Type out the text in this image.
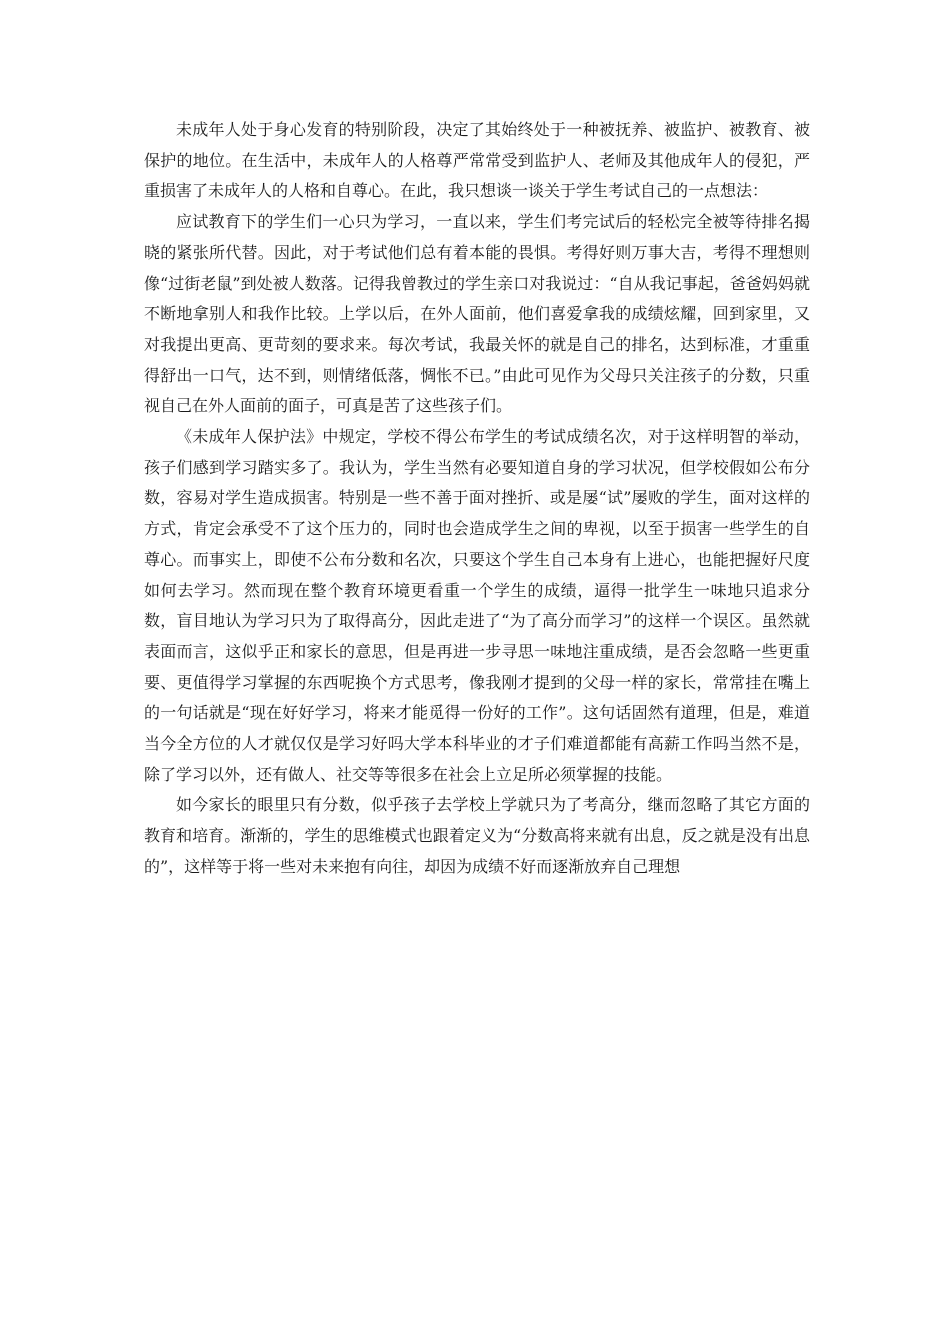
未成年人处于身心发育的特别阶段，决定了其始终处于一种被抚养、被监护、被教育、被保护的地位。在生活中，未成年人的人格尊严常常受到监护人、老师及其他成年人的侵犯，严重损害了未成年人的人格和自尊心。在此，我只想谈一谈关于学生考试自己的一点想法：

应试教育下的学生们一心只为学习，一直以来，学生们考完试后的轻松完全被等待排名揭晓的紧张所代替。因此，对于考试他们总有着本能的畏惧。考得好则万事大吉，考得不理想则像“过街老鼠”到处被人数落。记得我曾教过的学生亲口对我说过：“自从我记事起，爸爸妈妈就不断地拿别人和我作比较。上学以后，在外人面前，他们喜爱拿我的成绩炫耀，回到家里，又对我提出更高、更苛刻的要求来。每次考试，我最关怀的就是自己的排名，达到标准，才重重得舒出一口气，达不到，则情绪低落，惆怅不已。”由此可见作为父母只关注孩子的分数，只重视自己在外人面前的面子，可真是苦了这些孩子们。

《未成年人保护法》中规定，学校不得公布学生的考试成绩名次，对于这样明智的举动，孩子们感到学习踏实多了。我认为，学生当然有必要知道自身的学习状况，但学校假如公布分数，容易对学生造成损害。特别是一些不善于面对挫折、或是屡“试”屡败的学生，面对这样的方式，肯定会承受不了这个压力的，同时也会造成学生之间的卑视，以至于损害一些学生的自尊心。而事实上，即使不公布分数和名次，只要这个学生自己本身有上进心，也能把握好尺度如何去学习。然而现在整个教育环境更看重一个学生的成绩，逼得一批学生一味地只追求分数，盲目地认为学习只为了取得高分，因此走进了“为了高分而学习”的这样一个误区。虽然就表面而言，这似乎正和家长的意思，但是再进一步寻思一味地注重成绩，是否会忽略一些更重要、更值得学习掌握的东西呢换个方式思考，像我刚才提到的父母一样的家长，常常挂在嘴上的一句话就是“现在好好学习，将来才能觅得一份好的工作”。这句话固然有道理，但是，难道当今全方位的人才就仅仅是学习好吗大学本科毕业的才子们难道都能有高薪工作吗当然不是，除了学习以外，还有做人、社交等等很多在社会上立足所必须掌握的技能。

如今家长的眼里只有分数，似乎孩子去学校上学就只为了考高分，继而忽略了其它方面的教育和培育。渐渐的，学生的思维模式也跟着定义为“分数高将来就有出息，反之就是没有出息的”，这样等于将一些对未来抱有向往，却因为成绩不好而逐渐放弃自己理想
